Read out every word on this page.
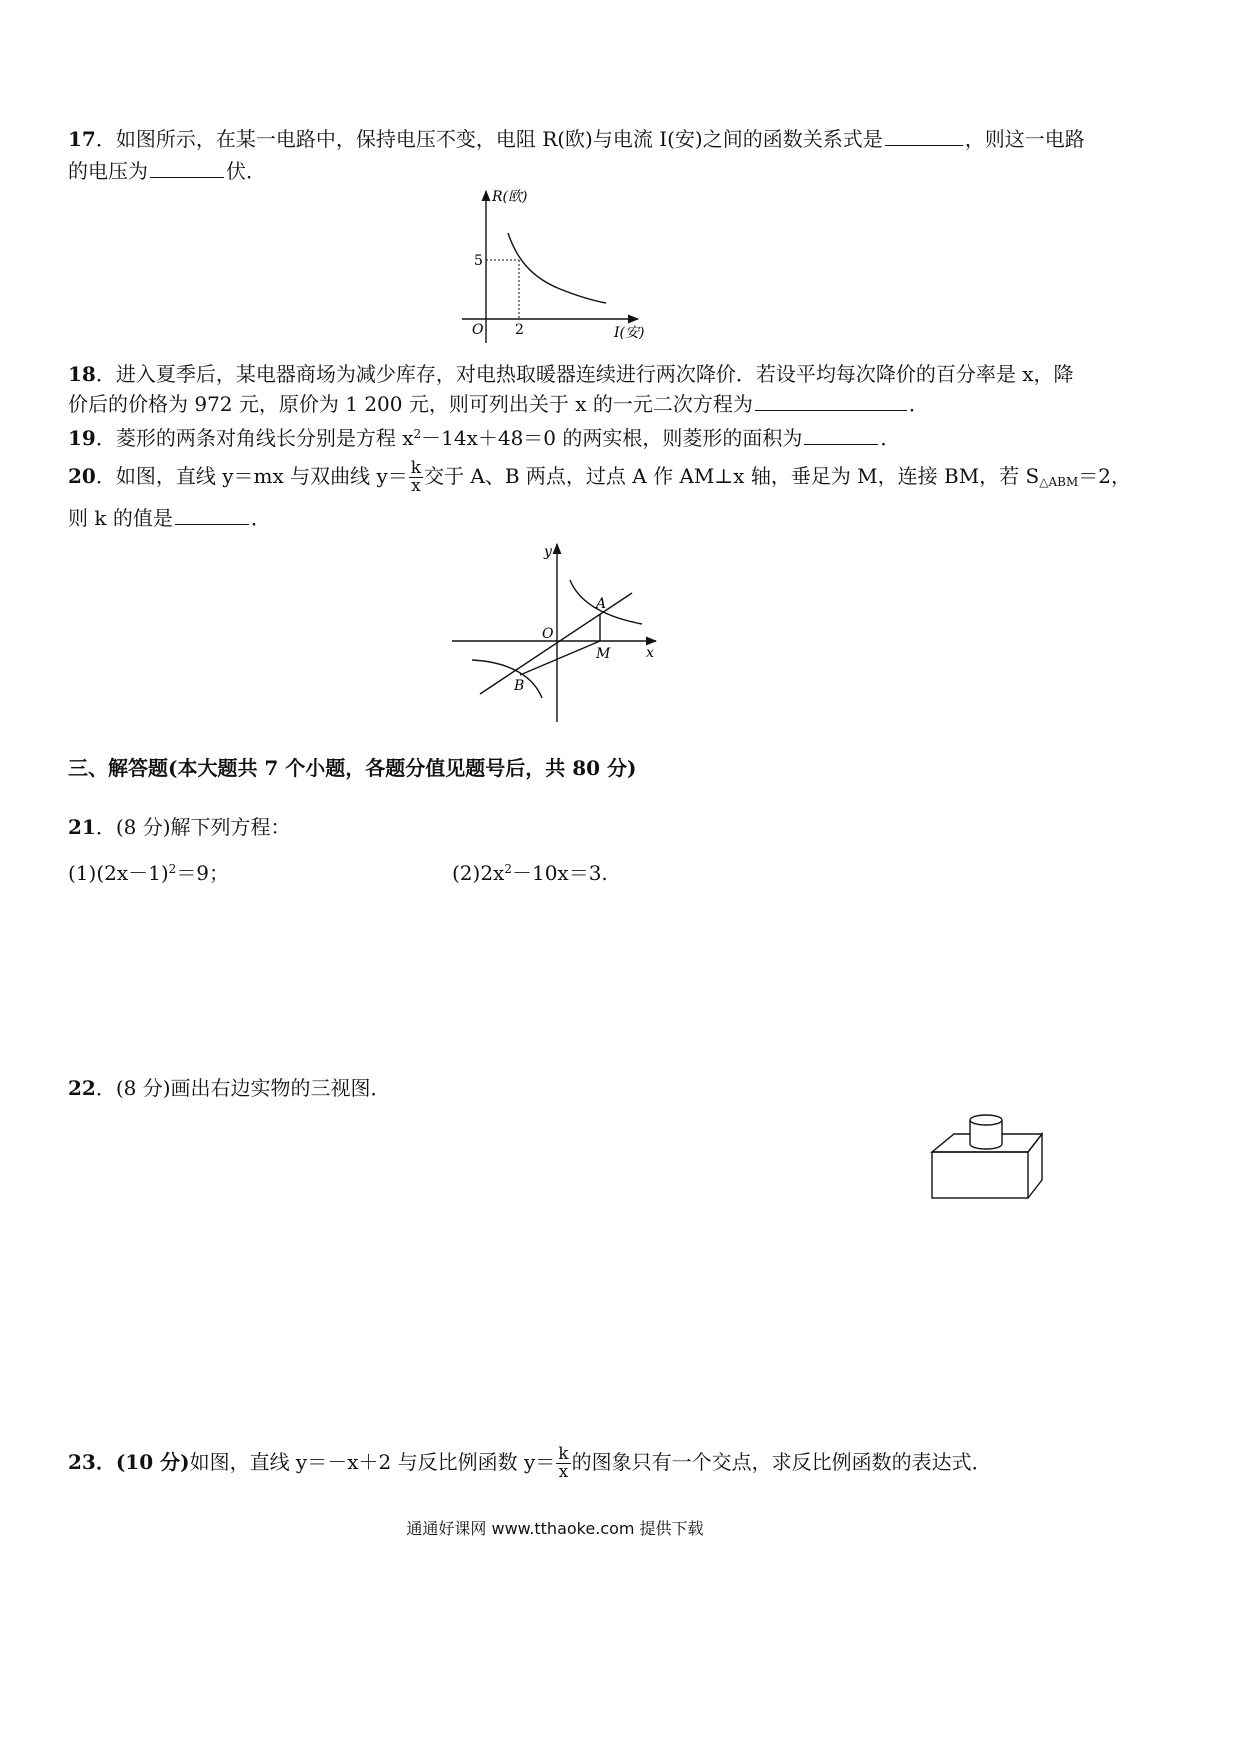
17．如图所示，在某一电路中，保持电压不变，电阻 R(欧)与电流 I(安)之间的函数关系式是	，则这一电路
的电压为	伏．
R(欧)
I(安)
O 2
5
18．进入夏季后，某电器商场为减少库存，对电热取暖器连续进行两次降价．若设平均每次降价的百分率是 x，降
价后的价格为 972 元，原价为 1 200 元，则可列出关于 x 的一元二次方程为	．
19．菱形的两条对角线长分别是方程 $x^2-14x+48=0$ 的两实根，则菱形的面积为	．
20．如图，直线 y＝mx 与双曲线 $y= \frac{k}{x}$ 交于 A、B 两点，过点 A 作 AM⊥x 轴，垂足为 M，连接 BM，若 $S_{\triangle ABM}=2$，
则 k 的值是	．
y
x
O
A
B
M
三、解答题(本大题共 7 个小题，各题分值见题号后，共 80 分)
21．(8 分)解下列方程：
$(1)(2x-1)^2=9$；	$(2)2x^2-10x=3$.
22．(8 分)画出右边实物的三视图．
23．(10 分)如图，直线 y＝－x＋2 与反比例函数 $y= \frac{k}{x}$ 的图象只有一个交点，求反比例函数的表达式．
通通好课网 www.tthaoke.com 提供下载
